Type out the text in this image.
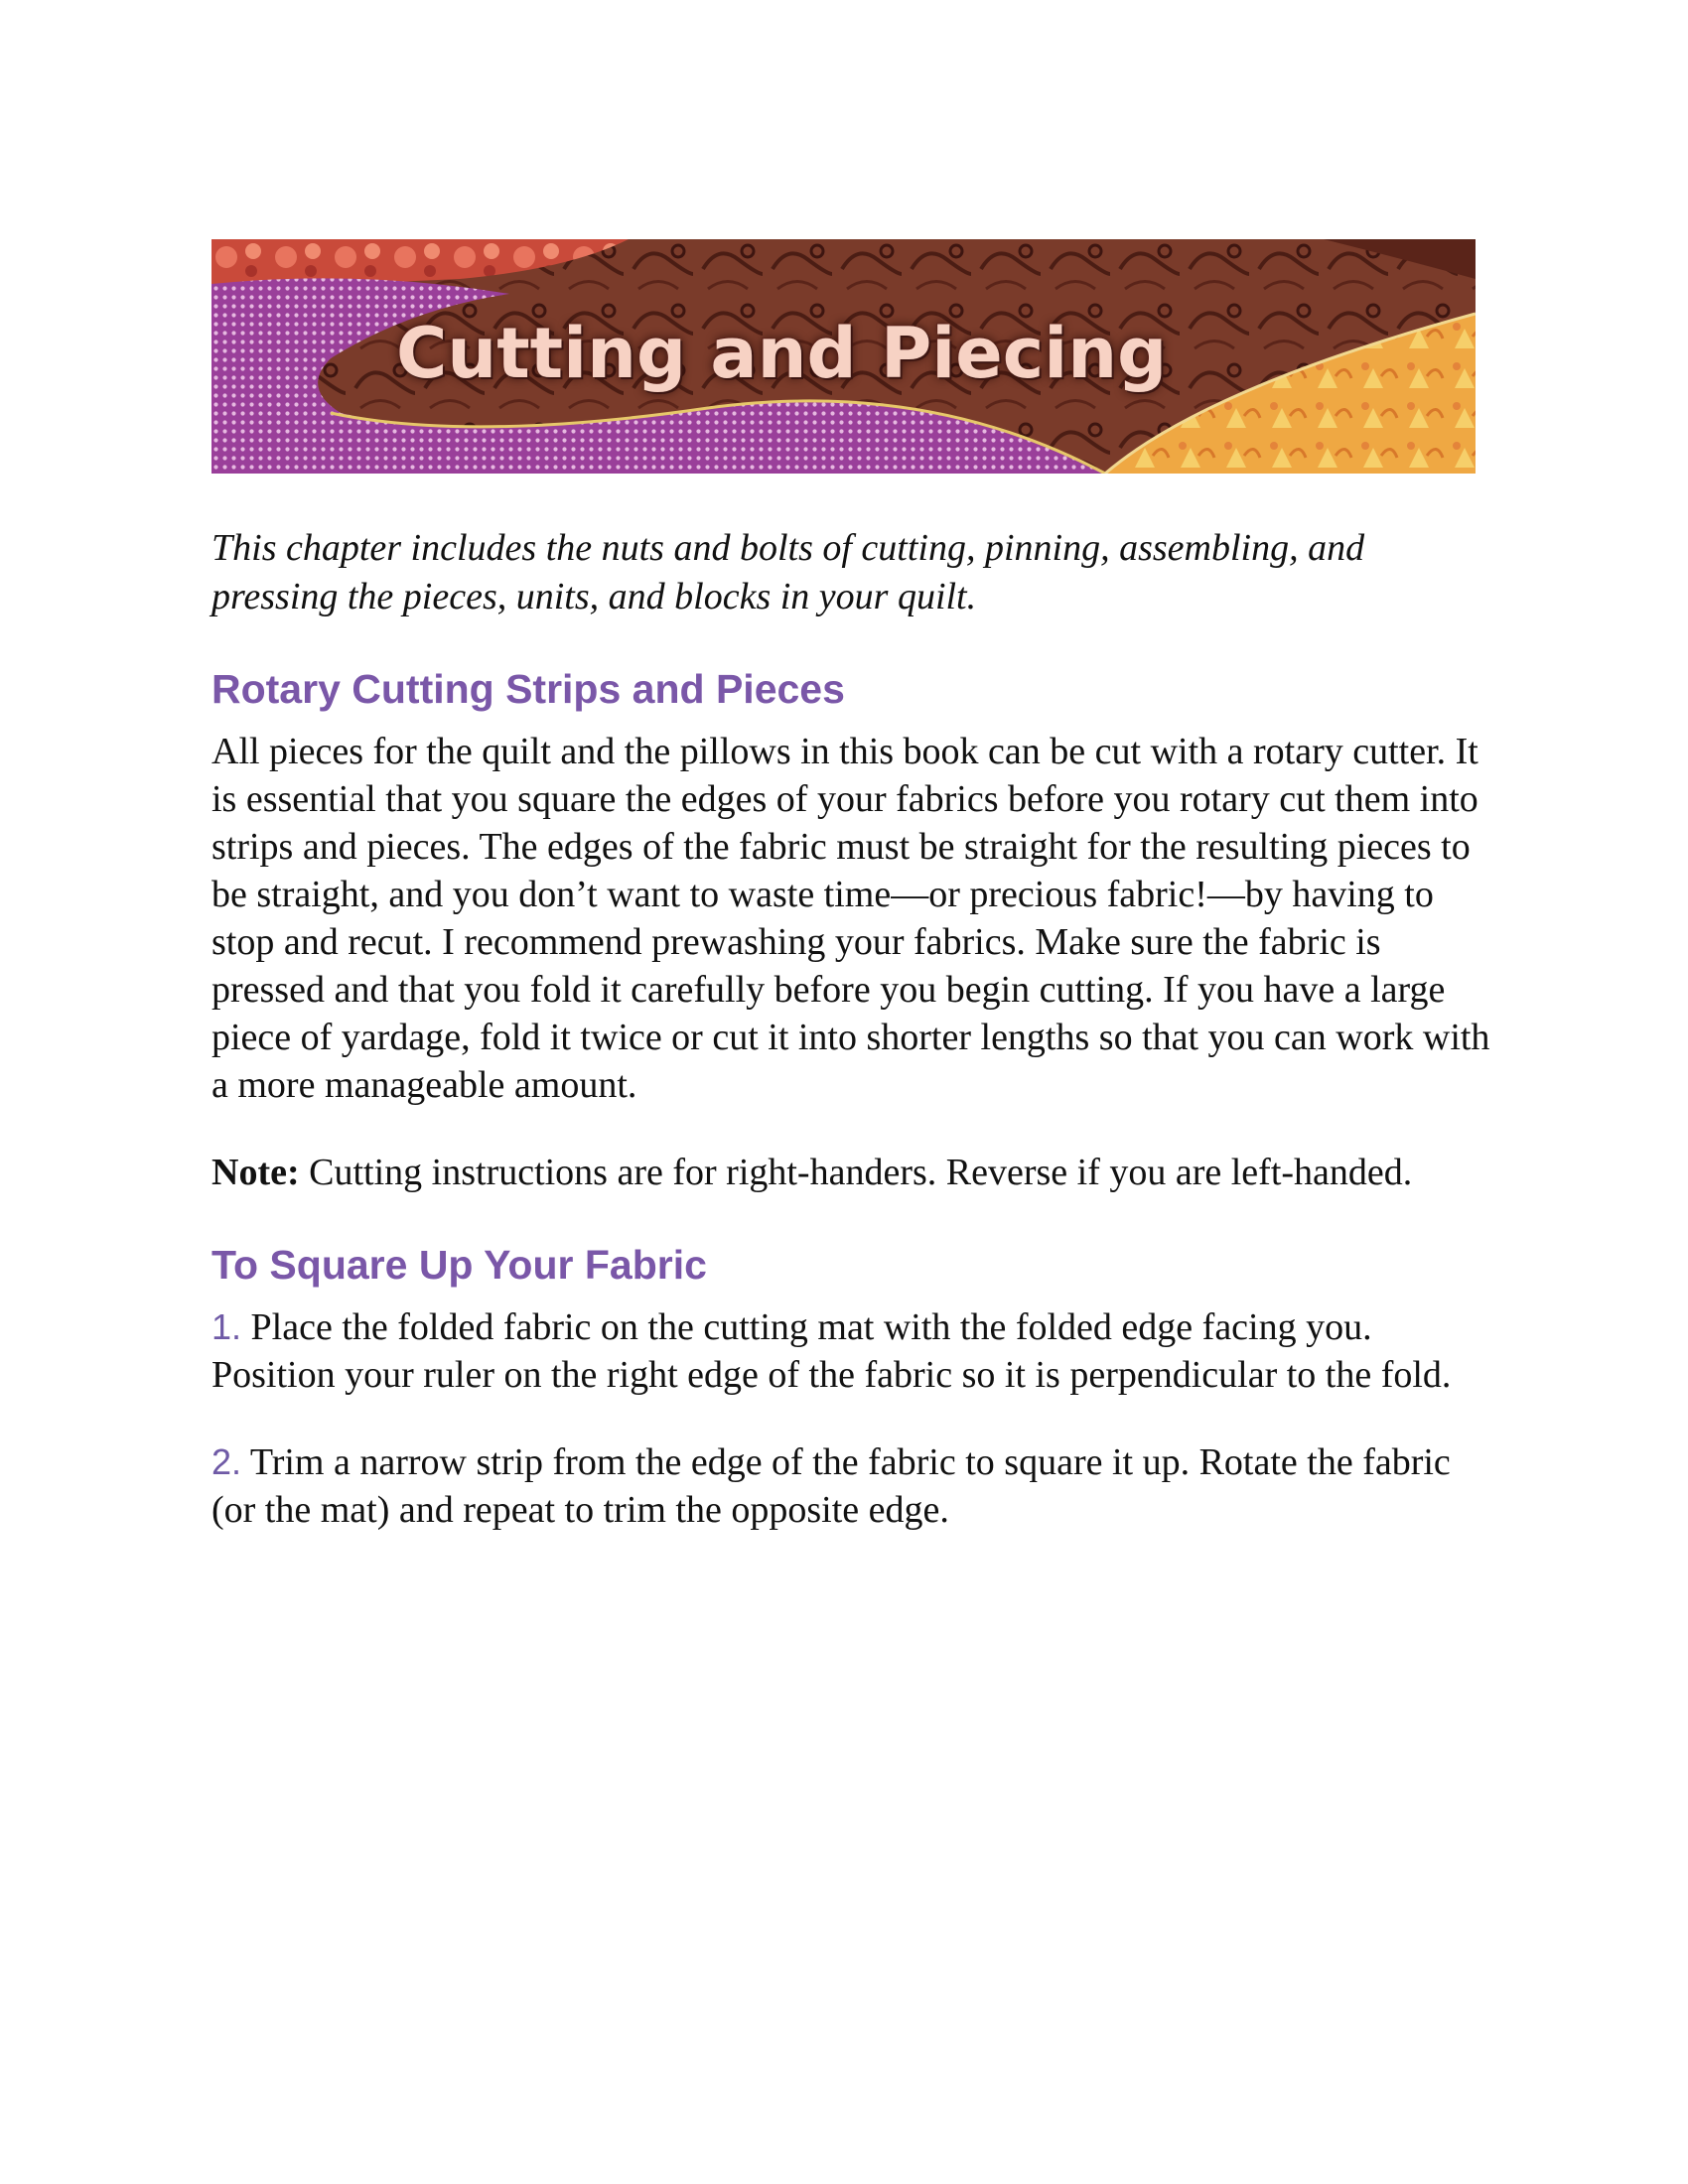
Cutting and Piecing

This chapter includes the nuts and bolts of cutting, pinning, assembling, and pressing the pieces, units, and blocks in your quilt.

Rotary Cutting Strips and Pieces

All pieces for the quilt and the pillows in this book can be cut with a rotary cutter. It is essential that you square the edges of your fabrics before you rotary cut them into strips and pieces. The edges of the fabric must be straight for the resulting pieces to be straight, and you don’t want to waste time—or precious fabric!—by having to stop and recut. I recommend prewashing your fabrics. Make sure the fabric is pressed and that you fold it carefully before you begin cutting. If you have a large piece of yardage, fold it twice or cut it into shorter lengths so that you can work with a more manageable amount.

Note: Cutting instructions are for right-handers. Reverse if you are left-handed.

To Square Up Your Fabric

1. Place the folded fabric on the cutting mat with the folded edge facing you. Position your ruler on the right edge of the fabric so it is perpendicular to the fold.

2. Trim a narrow strip from the edge of the fabric to square it up. Rotate the fabric (or the mat) and repeat to trim the opposite edge.
